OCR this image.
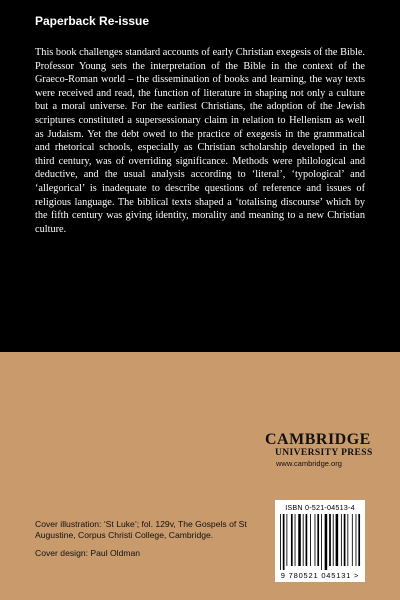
Paperback Re-issue
This book challenges standard accounts of early Christian exegesis of the Bible. Professor Young sets the interpretation of the Bible in the context of the Graeco-Roman world – the dissemination of books and learning, the way texts were received and read, the function of literature in shaping not only a culture but a moral universe. For the earliest Christians, the adoption of the Jewish scriptures constituted a supersessionary claim in relation to Hellenism as well as Judaism. Yet the debt owed to the practice of exegesis in the grammatical and rhetorical schools, especially as Christian scholarship developed in the third century, was of overriding significance. Methods were philological and deductive, and the usual analysis according to ‘literal’, ‘typological’ and ‘allegorical’ is inadequate to describe questions of reference and issues of religious language. The biblical texts shaped a ‘totalising discourse’ which by the fifth century was giving identity, morality and meaning to a new Christian culture.
CAMBRIDGE
UNIVERSITY PRESS
www.cambridge.org
Cover illustration: ‘St Luke’; fol. 129v, The Gospels of St Augustine, Corpus Christi College, Cambridge.
Cover design: Paul Oldman
ISBN 0-521-04513-4
9 780521 045131 >
